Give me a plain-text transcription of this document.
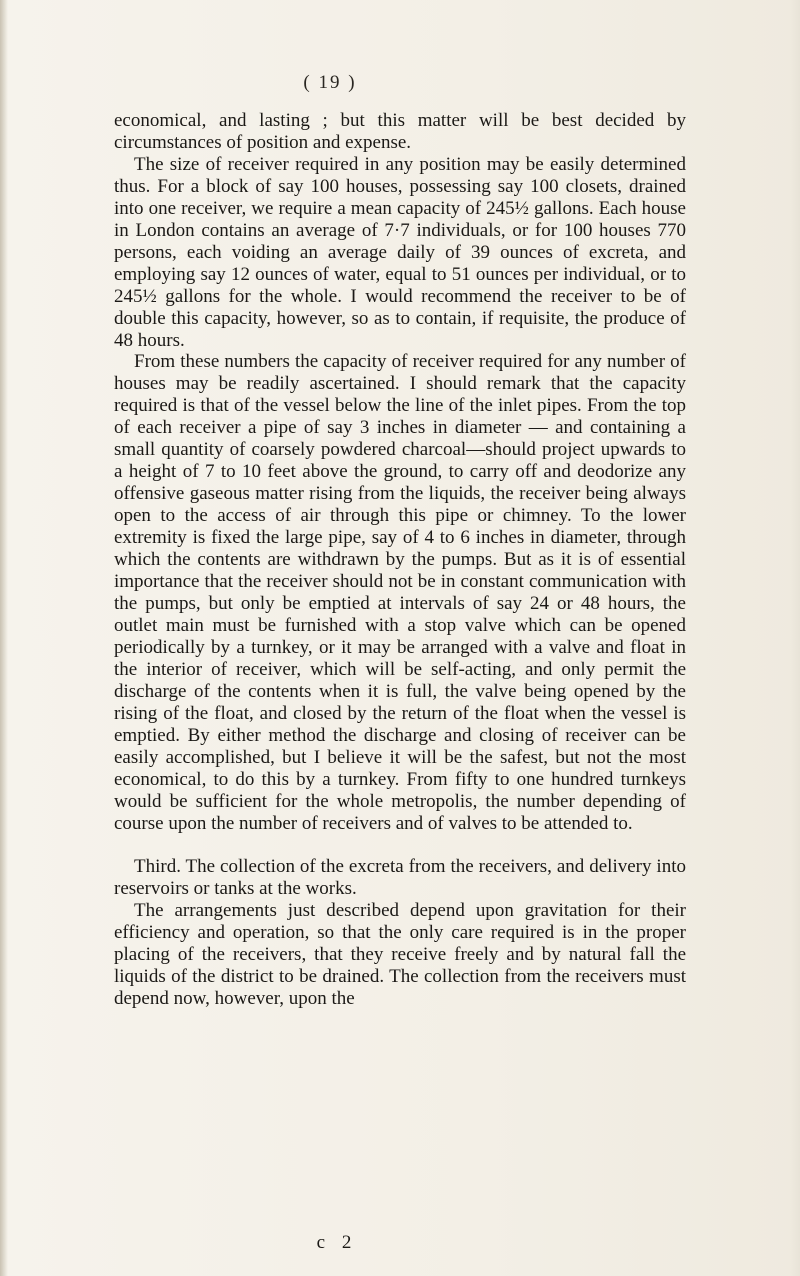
( 19 )

economical, and lasting ; but this matter will be best decided by circumstances of position and expense.

The size of receiver required in any position may be easily determined thus. For a block of say 100 houses, possessing say 100 closets, drained into one receiver, we require a mean capacity of 245½ gallons. Each house in London contains an average of 7·7 individuals, or for 100 houses 770 persons, each voiding an average daily of 39 ounces of excreta, and employing say 12 ounces of water, equal to 51 ounces per individual, or to 245½ gallons for the whole. I would recommend the receiver to be of double this capacity, however, so as to contain, if requisite, the produce of 48 hours.

From these numbers the capacity of receiver required for any number of houses may be readily ascertained. I should remark that the capacity required is that of the vessel below the line of the inlet pipes. From the top of each receiver a pipe of say 3 inches in diameter — and containing a small quantity of coarsely powdered charcoal—should project upwards to a height of 7 to 10 feet above the ground, to carry off and deodorize any offensive gaseous matter rising from the liquids, the receiver being always open to the access of air through this pipe or chimney. To the lower extremity is fixed the large pipe, say of 4 to 6 inches in diameter, through which the contents are withdrawn by the pumps. But as it is of essential importance that the receiver should not be in constant communication with the pumps, but only be emptied at intervals of say 24 or 48 hours, the outlet main must be furnished with a stop valve which can be opened periodically by a turnkey, or it may be arranged with a valve and float in the interior of receiver, which will be self-acting, and only permit the discharge of the contents when it is full, the valve being opened by the rising of the float, and closed by the return of the float when the vessel is emptied. By either method the discharge and closing of receiver can be easily accomplished, but I believe it will be the safest, but not the most economical, to do this by a turnkey. From fifty to one hundred turnkeys would be sufficient for the whole metropolis, the number depending of course upon the number of receivers and of valves to be attended to.

Third. The collection of the excreta from the receivers, and delivery into reservoirs or tanks at the works.

The arrangements just described depend upon gravitation for their efficiency and operation, so that the only care required is in the proper placing of the receivers, that they receive freely and by natural fall the liquids of the district to be drained. The collection from the receivers must depend now, however, upon the

c 2
